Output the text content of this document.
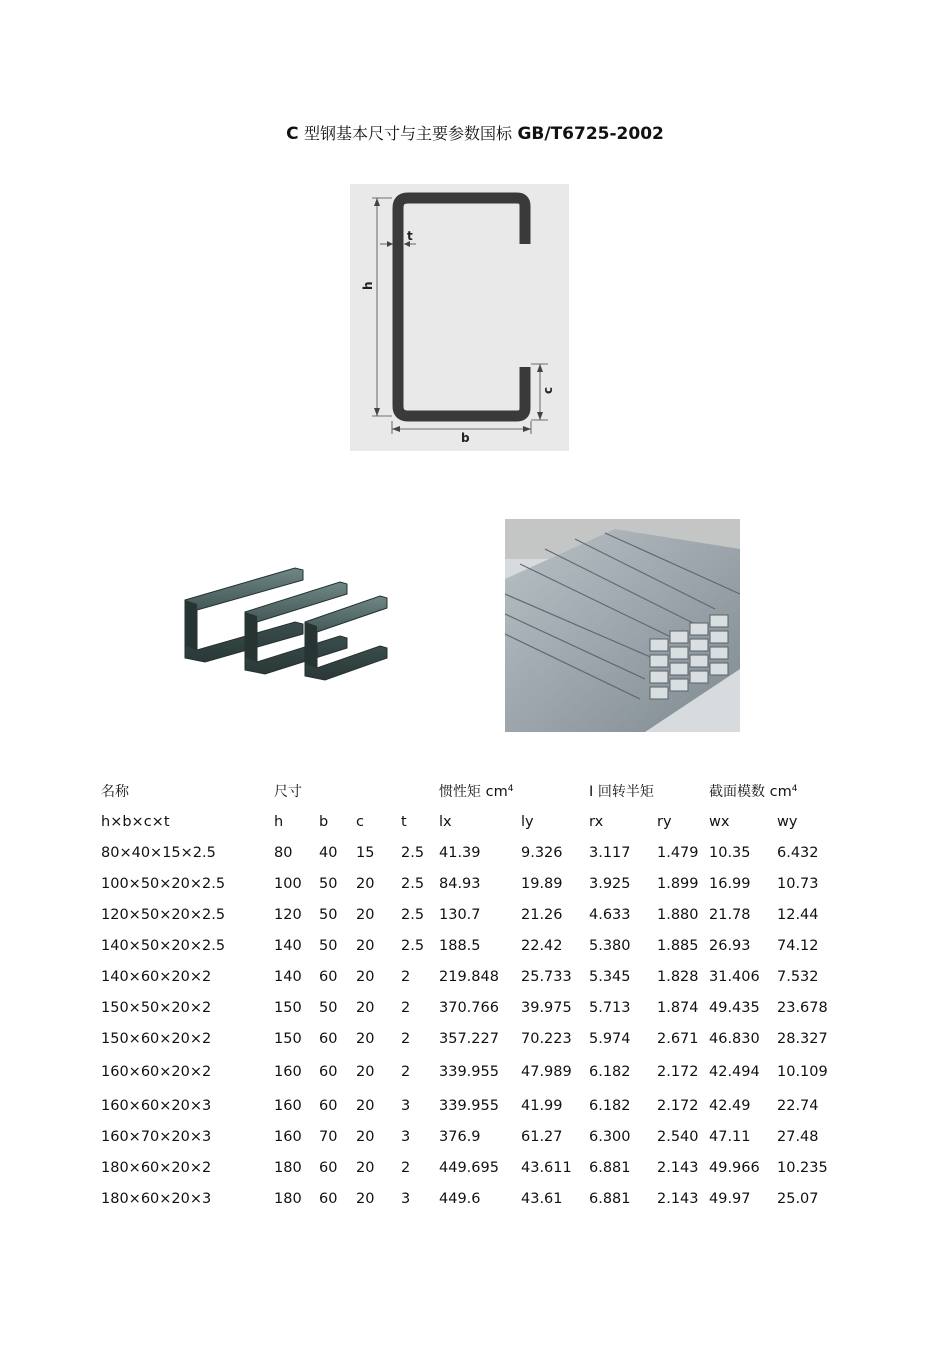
C 型钢基本尺寸与主要参数国标 GB/T6725-2002
h
t
c
b
名称	尺寸	惯性矩 $cm^4$	I 回转半矩	截面模数 $cm^4$
h×b×c×t	h b c	t lx	ly	rx	ry	wx	wy
80×40×15×2.5	80 40 15 2.5 41.39	9.326 3.117 1.479 10.35 6.432
100×50×20×2.5	100 50 20 2.5 84.93	19.89 3.925 1.899 16.99 10.73
120×50×20×2.5	120 50 20 2.5 130.7	21.26 4.633 1.880 21.78 12.44
140×50×20×2.5	140 50 20 2.5 188.5	22.42 5.380 1.885 26.93 74.12
140×60×20×2	140 60 20 2 219.848 25.733 5.345 1.828 31.406 7.532
150×50×20×2	150 50 20 2 370.766 39.975 5.713 1.874 49.435 23.678
150×60×20×2	150 60 20 2 357.227 70.223 5.974 2.671 46.830 28.327
160×60×20×2	160 60 20 2 339.955 47.989 6.182 2.172 42.494 10.109
160×60×20×3	160 60 20 3 339.955 41.99 6.182 2.172 42.49 22.74
160×70×20×3	160 70 20 3 376.9	61.27 6.300 2.540 47.11 27.48
180×60×20×2	180 60 20 2 449.695 43.611 6.881 2.143 49.966 10.235
180×60×20×3	180 60 20 3 449.6	43.61 6.881 2.143 49.97 25.07
